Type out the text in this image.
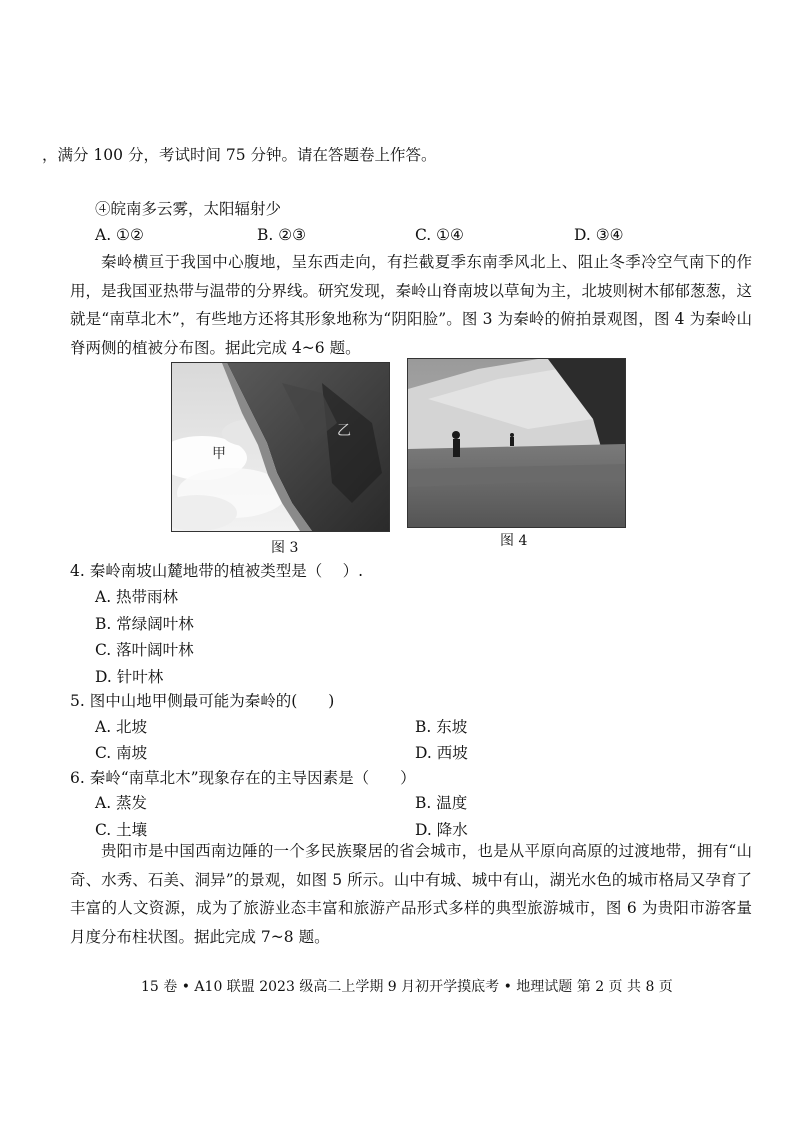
，满分 100 分，考试时间 75 分钟。请在答题卷上作答。
④皖南多云雾，太阳辐射少
A. ①②	B. ②③	C. ①④	D. ③④
秦岭横亘于我国中心腹地，呈东西走向，有拦截夏季东南季风北上、阻止冬季冷空气南下的作用，是我国亚热带与温带的分界线。研究发现，秦岭山脊南坡以草甸为主，北坡则树木郁郁葱葱，这就是“南草北木”，有些地方还将其形象地称为“阴阳脸”。图 3 为秦岭的俯拍景观图，图 4 为秦岭山脊两侧的植被分布图。据此完成 4~6 题。
甲
乙
图 3	图 4
4. 秦岭南坡山麓地带的植被类型是（　 ）.
A. 热带雨林
B. 常绿阔叶林
C. 落叶阔叶林
D. 针叶林
5. 图中山地甲侧最可能为秦岭的(　　)
A. 北坡	B. 东坡
C. 南坡	D. 西坡
6. 秦岭“南草北木”现象存在的主导因素是（　　）
A. 蒸发	B. 温度
C. 土壤	D. 降水
贵阳市是中国西南边陲的一个多民族聚居的省会城市，也是从平原向高原的过渡地带，拥有“山奇、水秀、石美、洞异”的景观，如图 5 所示。山中有城、城中有山，湖光水色的城市格局又孕育了丰富的人文资源，成为了旅游业态丰富和旅游产品形式多样的典型旅游城市，图 6 为贵阳市游客量月度分布柱状图。据此完成 7~8 题。
15 卷 • A10 联盟 2023 级高二上学期 9 月初开学摸底考 • 地理试题 第 2 页 共 8 页
